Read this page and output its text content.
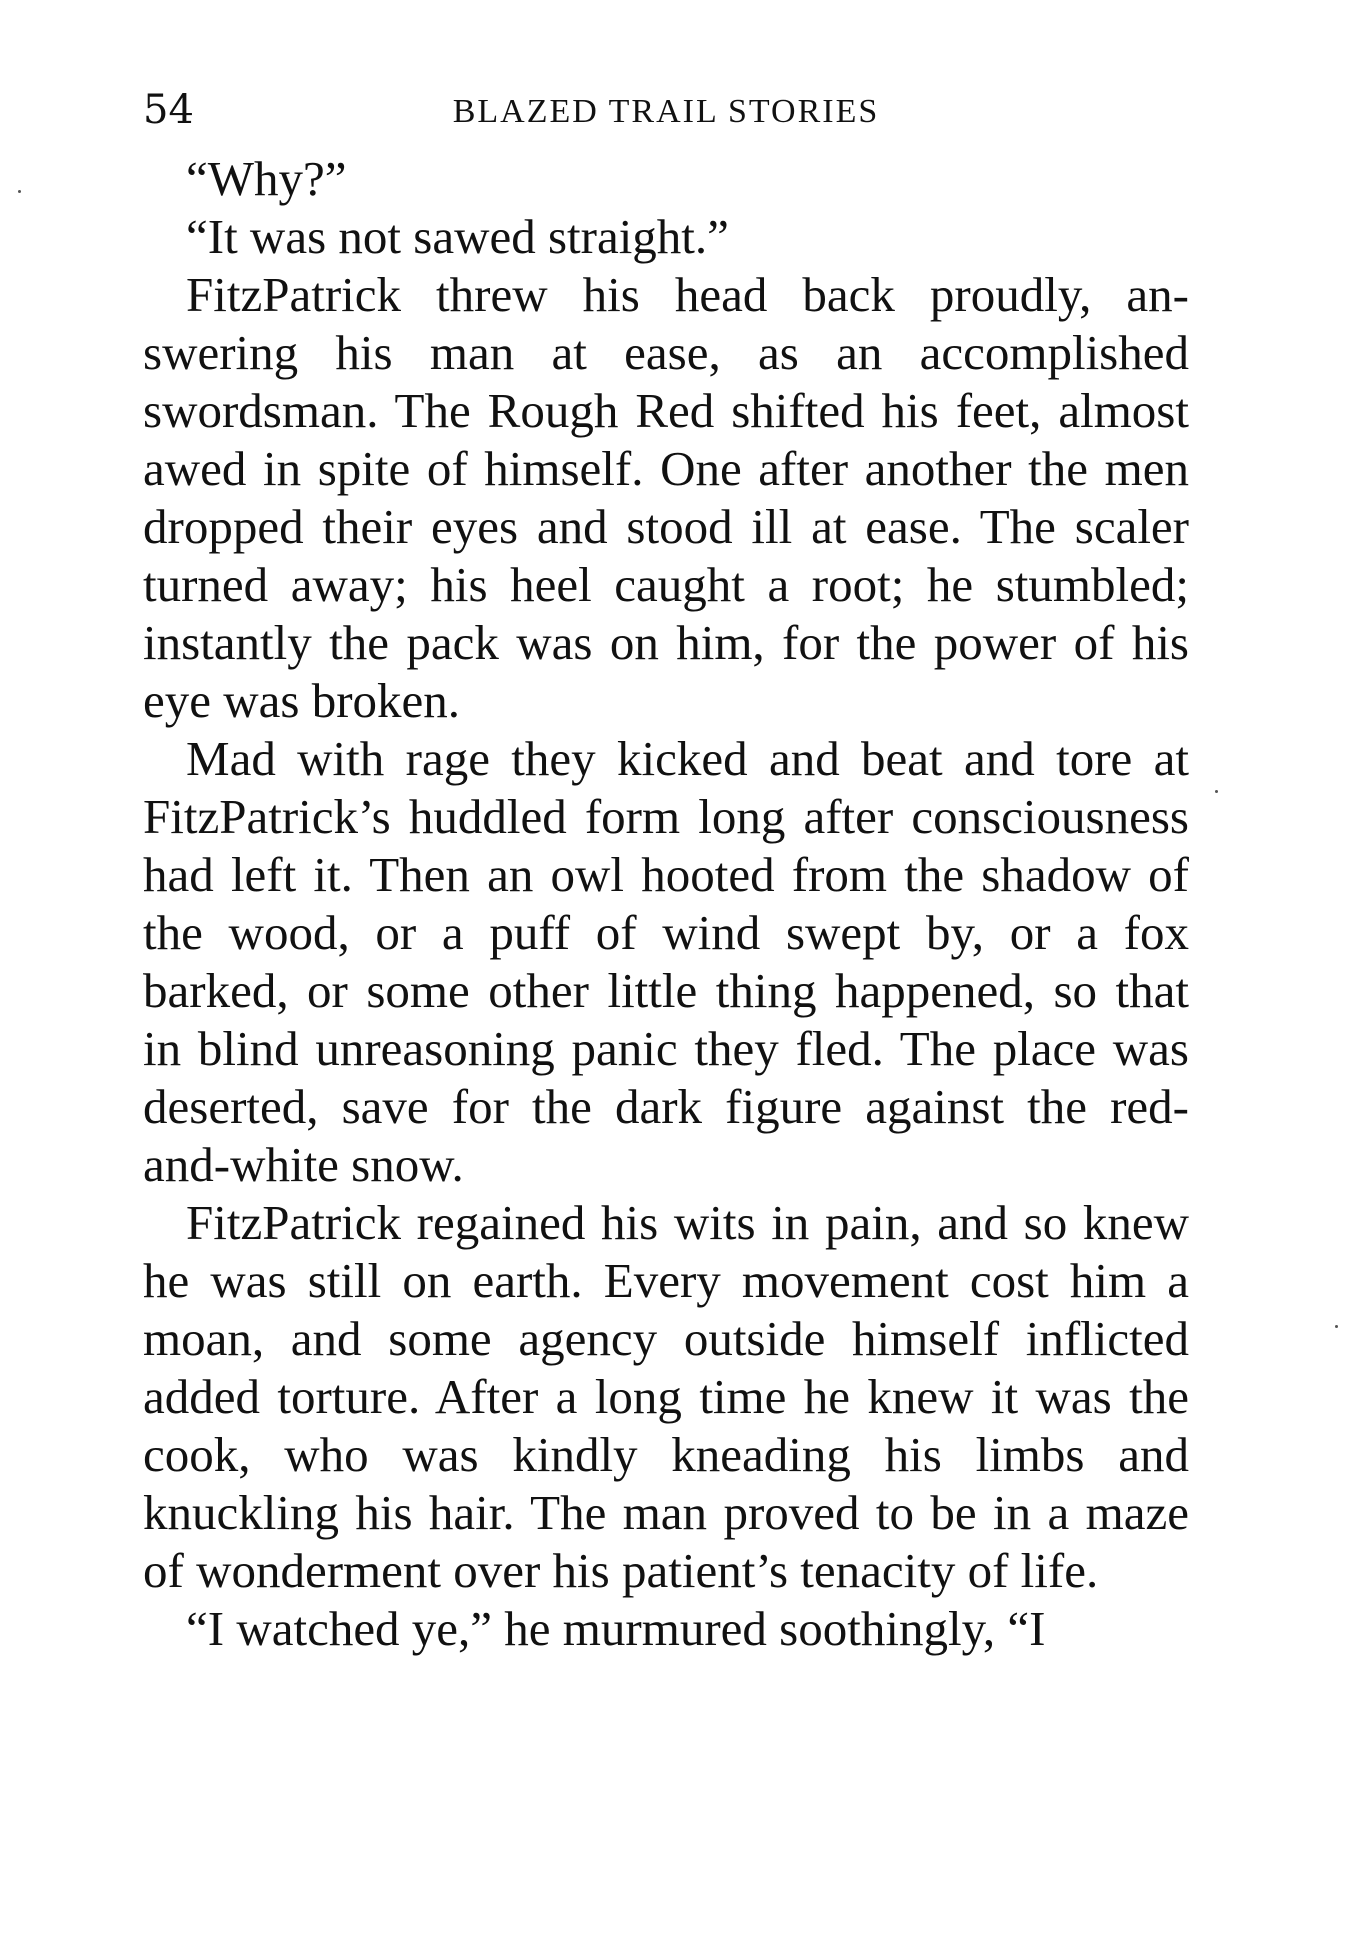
54	BLAZED TRAIL STORIES

“Why?”

“It was not sawed straight.”

FitzPatrick threw his head back proudly, answering his man at ease, as an accomplished swordsman. The Rough Red shifted his feet, almost awed in spite of himself. One after another the men dropped their eyes and stood ill at ease. The scaler turned away; his heel caught a root; he stumbled; instantly the pack was on him, for the power of his eye was broken.

Mad with rage they kicked and beat and tore at FitzPatrick’s huddled form long after consciousness had left it. Then an owl hooted from the shadow of the wood, or a puff of wind swept by, or a fox barked, or some other little thing happened, so that in blind unreasoning panic they fled. The place was deserted, save for the dark figure against the red-and-white snow.

FitzPatrick regained his wits in pain, and so knew he was still on earth. Every movement cost him a moan, and some agency outside himself inflicted added torture. After a long time he knew it was the cook, who was kindly kneading his limbs and knuckling his hair. The man proved to be in a maze of wonderment over his patient’s tenacity of life.

“I watched ye,” he murmured soothingly, “I
